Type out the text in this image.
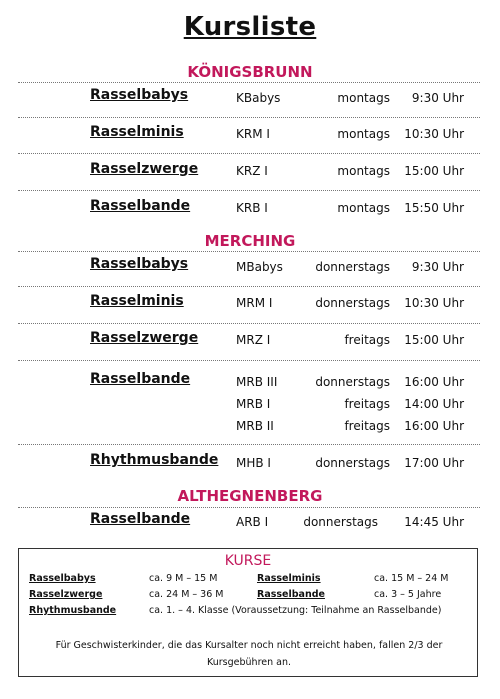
Kursliste
KÖNIGSBRUNN
Rasselbabys	KBabys	montags	9:30 Uhr
Rasselminis	KRM I	montags	10:30 Uhr
Rasselzwerge	KRZ I	montags	15:00 Uhr
Rasselbande	KRB I	montags	15:50 Uhr
MERCHING
Rasselbabys	MBabys	donnerstags	9:30 Uhr
Rasselminis	MRM I	donnerstags	10:30 Uhr
Rasselzwerge	MRZ I	freitags	15:00 Uhr
Rasselbande	MRB III	donnerstags	16:00 Uhr
MRB I	freitags	14:00 Uhr
MRB II	freitags	16:00 Uhr
Rhythmusbande MHB I	donnerstags	17:00 Uhr
ALTHEGNENBERG
Rasselbande	ARB I	donnerstags	14:45 Uhr
KURSE
Rasselbabys	ca. 9 M – 15 M	Rasselminis	ca. 15 M – 24 M
Rasselzwerge	ca. 24 M – 36 M	Rasselbande	ca. 3 – 5 Jahre
Rhythmusbande	ca. 1. – 4. Klasse (Voraussetzung: Teilnahme an Rasselbande)
Für Geschwisterkinder, die das Kursalter noch nicht erreicht haben, fallen 2/3 der Kursgebühren an.
